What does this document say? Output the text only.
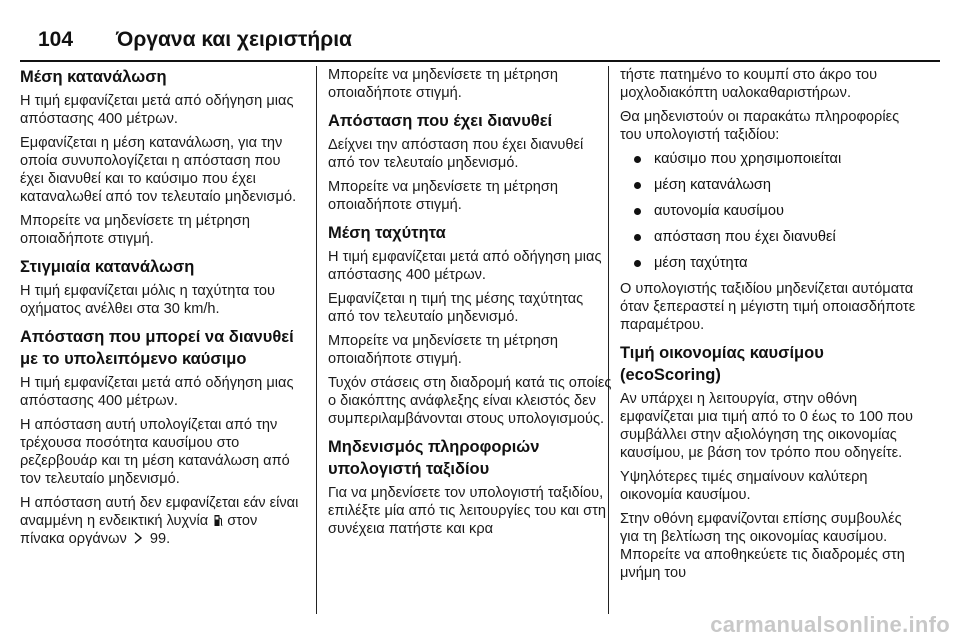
104 Όργανα και χειριστήρια
Μέση κατανάλωση
Η τιμή εμφανίζεται μετά από οδήγηση μιας απόστασης 400 μέτρων.
Εμφανίζεται η μέση κατανάλωση, για την οποία συνυπολογίζεται η απόσταση που έχει διανυθεί και το καύσιμο που έχει καταναλωθεί από τον τελευταίο μηδενισμό.
Μπορείτε να μηδενίσετε τη μέτρηση οποιαδήποτε στιγμή.
Στιγμιαία κατανάλωση
Η τιμή εμφανίζεται μόλις η ταχύτητα του οχήματος ανέλθει στα 30 km/h.
Απόσταση που μπορεί να διανυθεί με το υπολειπόμενο καύσιμο
Η τιμή εμφανίζεται μετά από οδήγηση μιας απόστασης 400 μέτρων.
Η απόσταση αυτή υπολογίζεται από την τρέχουσα ποσότητα καυσίμου στο ρεζερβουάρ και τη μέση κατανάλωση από τον τελευταίο μηδενισμό.
Η απόσταση αυτή δεν εμφανίζεται εάν είναι αναμμένη η ενδεικτική λυχνία στον πίνακα οργάνων 99.
Μπορείτε να μηδενίσετε τη μέτρηση οποιαδήποτε στιγμή.
Απόσταση που έχει διανυθεί
Δείχνει την απόσταση που έχει διανυθεί από τον τελευταίο μηδενισμό.
Μπορείτε να μηδενίσετε τη μέτρηση οποιαδήποτε στιγμή.
Μέση ταχύτητα
Η τιμή εμφανίζεται μετά από οδήγηση μιας απόστασης 400 μέτρων.
Εμφανίζεται η τιμή της μέσης ταχύτητας από τον τελευταίο μηδενισμό.
Μπορείτε να μηδενίσετε τη μέτρηση οποιαδήποτε στιγμή.
Τυχόν στάσεις στη διαδρομή κατά τις οποίες ο διακόπτης ανάφλεξης είναι κλειστός δεν συμπεριλαμβάνονται στους υπολογισμούς.
Μηδενισμός πληροφοριών υπολογιστή ταξιδίου
Για να μηδενίσετε τον υπολογιστή ταξιδίου, επιλέξτε μία από τις λειτουργίες του και στη συνέχεια πατήστε και κρα
τήστε πατημένο το κουμπί στο άκρο του μοχλοδιακόπτη υαλοκαθαριστήρων.
Θα μηδενιστούν οι παρακάτω πληροφορίες του υπολογιστή ταξιδίου:
καύσιμο που χρησιμοποιείται
μέση κατανάλωση
αυτονομία καυσίμου
απόσταση που έχει διανυθεί
μέση ταχύτητα
Ο υπολογιστής ταξιδίου μηδενίζεται αυτόματα όταν ξεπεραστεί η μέγιστη τιμή οποιασδήποτε παραμέτρου.
Τιμή οικονομίας καυσίμου (ecoScoring)
Αν υπάρχει η λειτουργία, στην οθόνη εμφανίζεται μια τιμή από το 0 έως το 100 που συμβάλλει στην αξιολόγηση της οικονομίας καυσίμου, με βάση τον τρόπο που οδηγείτε.
Υψηλότερες τιμές σημαίνουν καλύτερη οικονομία καυσίμου.
Στην οθόνη εμφανίζονται επίσης συμβουλές για τη βελτίωση της οικονομίας καυσίμου. Μπορείτε να αποθηκεύετε τις διαδρομές στη μνήμη του
carmanualsonline.info
